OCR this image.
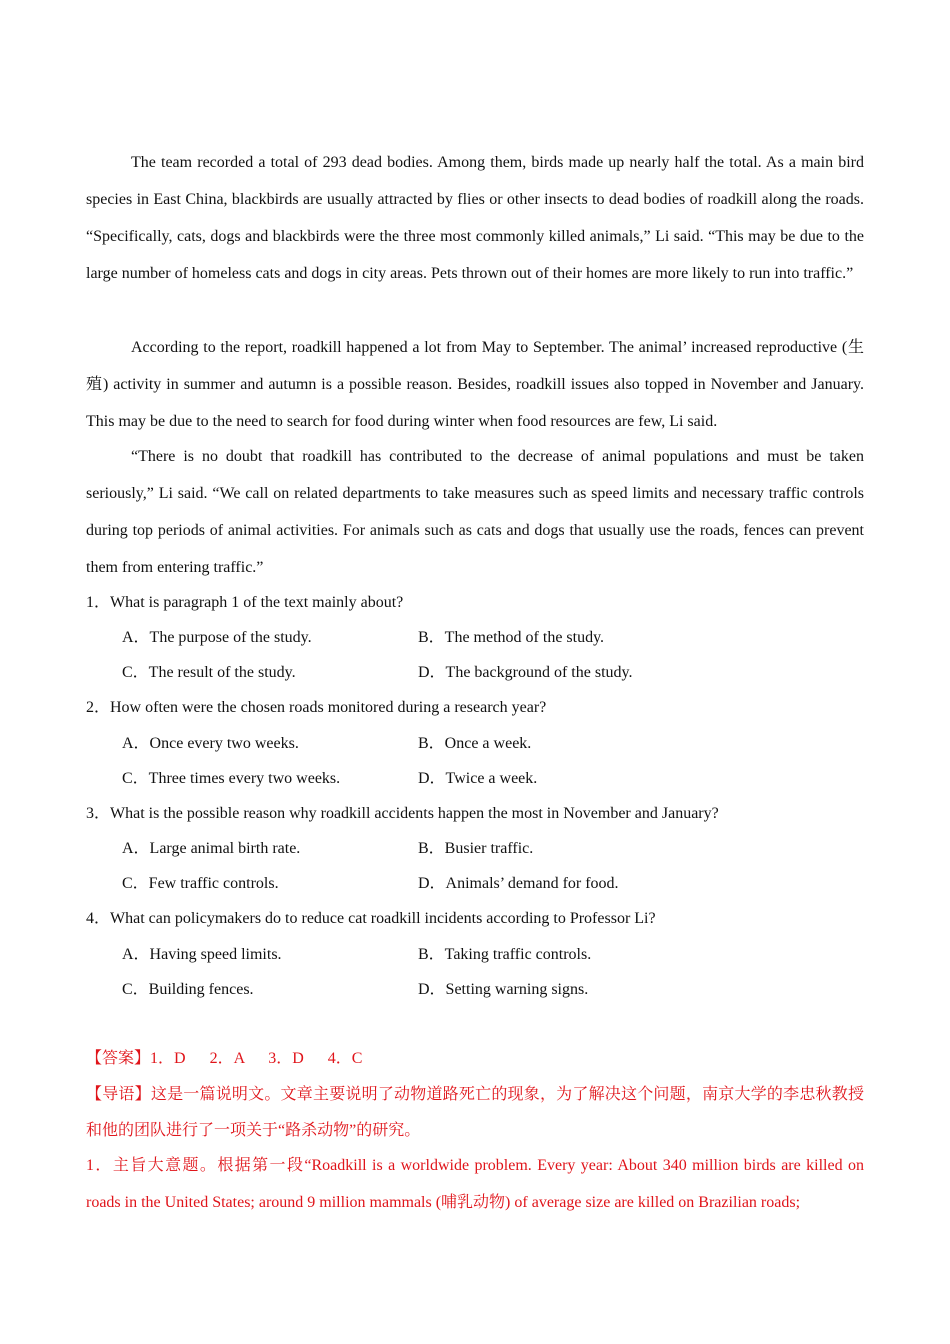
The team recorded a total of 293 dead bodies. Among them, birds made up nearly half the total. As a main bird species in East China, blackbirds are usually attracted by flies or other insects to dead bodies of roadkill along the roads. “Specifically, cats, dogs and blackbirds were the three most commonly killed animals,” Li said. “This may be due to the large number of homeless cats and dogs in city areas. Pets thrown out of their homes are more likely to run into traffic.”

According to the report, roadkill happened a lot from May to September. The animal’ increased reproductive (生殖) activity in summer and autumn is a possible reason. Besides, roadkill issues also topped in November and January. This may be due to the need to search for food during winter when food resources are few, Li said.

“There is no doubt that roadkill has contributed to the decrease of animal populations and must be taken seriously,” Li said. “We call on related departments to take measures such as speed limits and necessary traffic controls during top periods of animal activities. For animals such as cats and dogs that usually use the roads, fences can prevent them from entering traffic.”

1．What is paragraph 1 of the text mainly about?

A．The purpose of the study.	B．The method of the study.

C．The result of the study.	D．The background of the study.

2．How often were the chosen roads monitored during a research year?

A．Once every two weeks.	B．Once a week.

C．Three times every two weeks.	D．Twice a week.

3．What is the possible reason why roadkill accidents happen the most in November and January?

A．Large animal birth rate.	B．Busier traffic.

C．Few traffic controls.	D．Animals’ demand for food.

4．What can policymakers do to reduce cat roadkill incidents according to Professor Li?

A．Having speed limits.	B．Taking traffic controls.

C．Building fences.	D．Setting warning signs.

【答案】1．D      2．A      3．D      4．C

【导语】这是一篇说明文。文章主要说明了动物道路死亡的现象，为了解决这个问题，南京大学的李忠秋教授和他的团队进行了一项关于“路杀动物”的研究。

1．主旨大意题。根据第一段“Roadkill is a worldwide problem. Every year: About 340 million birds are killed on roads in the United States; around 9 million mammals (哺乳动物) of average size are killed on Brazilian roads;
